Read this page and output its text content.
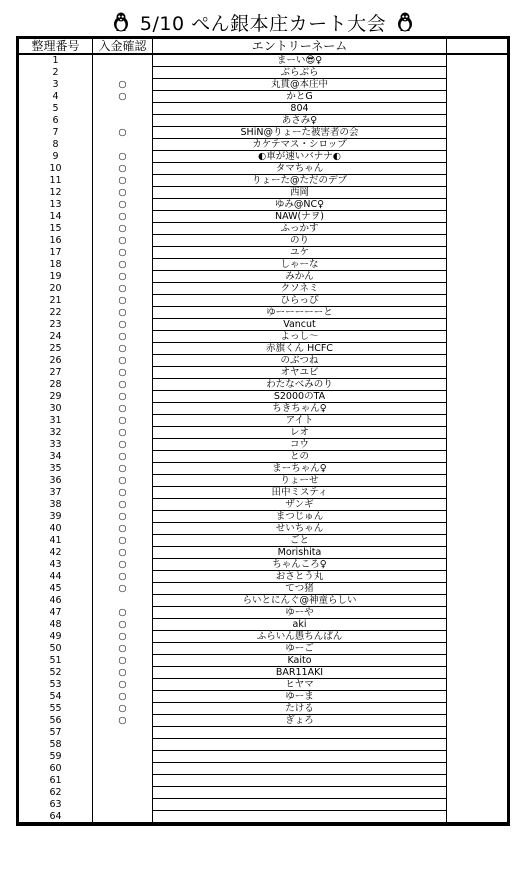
5/10 ぺん銀本庄カート大会
整理番号	入金確認	エントリーネーム	
1		まーい😎♀	
2		ぶらぶら	
3	○	丸貫@本庄中	
4	○	かとG	
5		804	
6		あさみ♀	
7	○	SHiN@りょーた被害者の会	
8		カケテマス・シロップ	
9	○	◐車が速いバナナ◐	
10	○	タマちゃん	
11	○	りょーた@ただのデブ	
12	○	西岡	
13	○	ゆみ@NC♀	
14	○	NAW(ナヲ)	
15	○	ふっかす	
16	○	のり	
17	○	ユケ	
18	○	しゃーな	
19	○	みかん	
20	○	クソネミ	
21	○	ひらっぴ	
22	○	ゆーーーーーと	
23	○	Vancut	
24	○	よっし～	
25	○	赤旗くん HCFC	
26	○	のぶつね	
27	○	オヤユビ	
28	○	わたなべみのり	
29	○	S2000のTA	
30	○	ちきちゃん♀	
31	○	アイト	
32	○	レオ	
33	○	コウ	
34	○	との	
35	○	まーちゃん♀	
36	○	りょーせ	
37	○	田中ミスティ	
38	○	ザンギ	
39	○	まつじゅん	
40	○	せいちゃん	
41	○	ごと	
42	○	Morishita	
43	○	ちゃんころ♀	
44	○	おさとう丸	
45	○	てつ猪	
46		らいとにんぐ@神童らしい	
47	○	ゆーや	
48	○	aki	
49	○	ふらいん愚ちんぱん	
50	○	ゆーご	
51	○	Kaito	
52	○	BAR11AKI	
53	○	ヒヤマ	
54	○	ゆーま	
55	○	たける	
56	○	ぎょろ	
57			
58			
59			
60			
61			
62			
63			
64			
